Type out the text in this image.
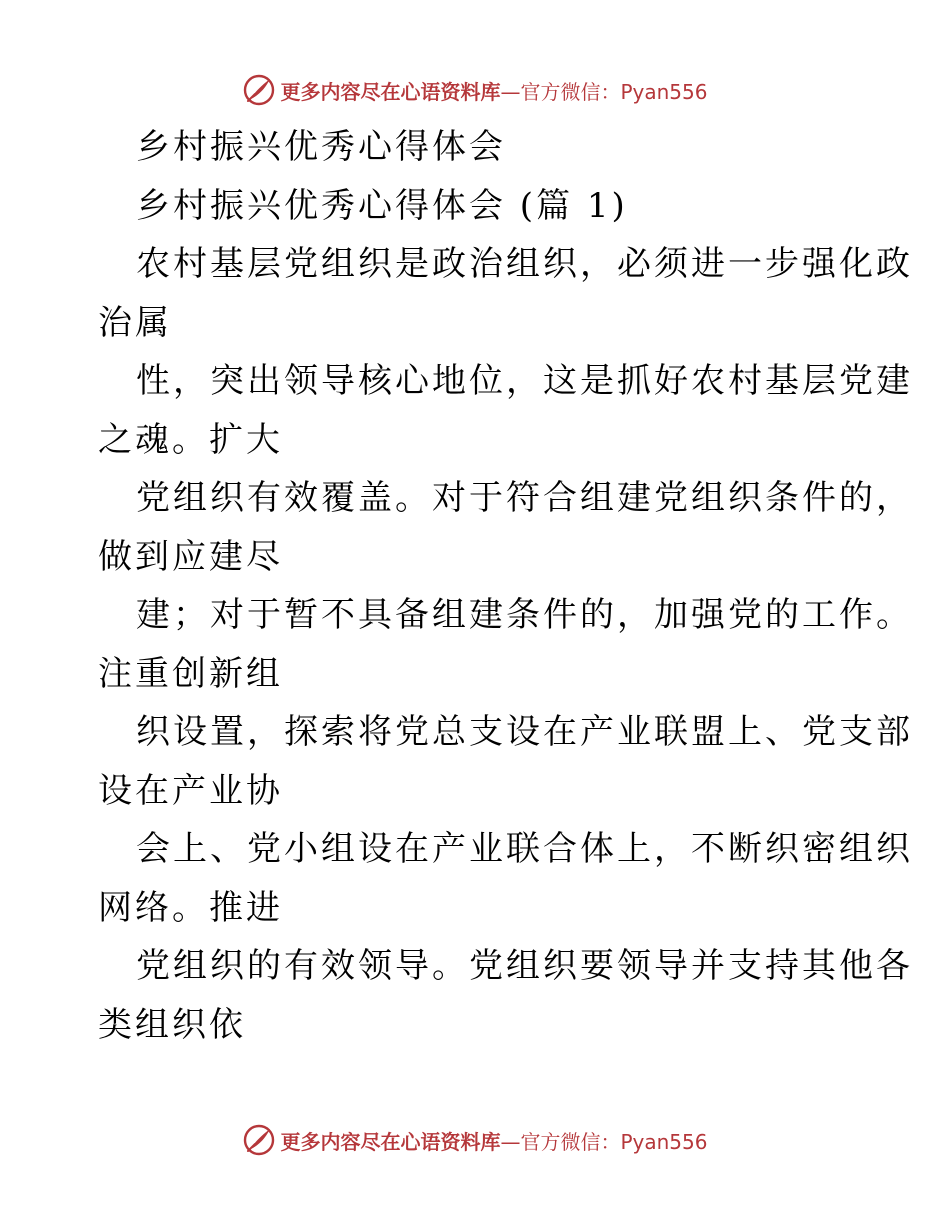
更多内容尽在心语资料库 —官方微信：Pyan556
乡村振兴优秀心得体会
乡村振兴优秀心得体会 (篇 1)
农村基层党组织是政治组织，必须进一步强化政
治属
性，突出领导核心地位，这是抓好农村基层党建
之魂。扩大
党组织有效覆盖。对于符合组建党组织条件的，
做到应建尽
建；对于暂不具备组建条件的，加强党的工作。
注重创新组
织设置，探索将党总支设在产业联盟上、党支部
设在产业协
会上、党小组设在产业联合体上，不断织密组织
网络。推进
党组织的有效领导。党组织要领导并支持其他各
类组织依
更多内容尽在心语资料库 —官方微信：Pyan556
